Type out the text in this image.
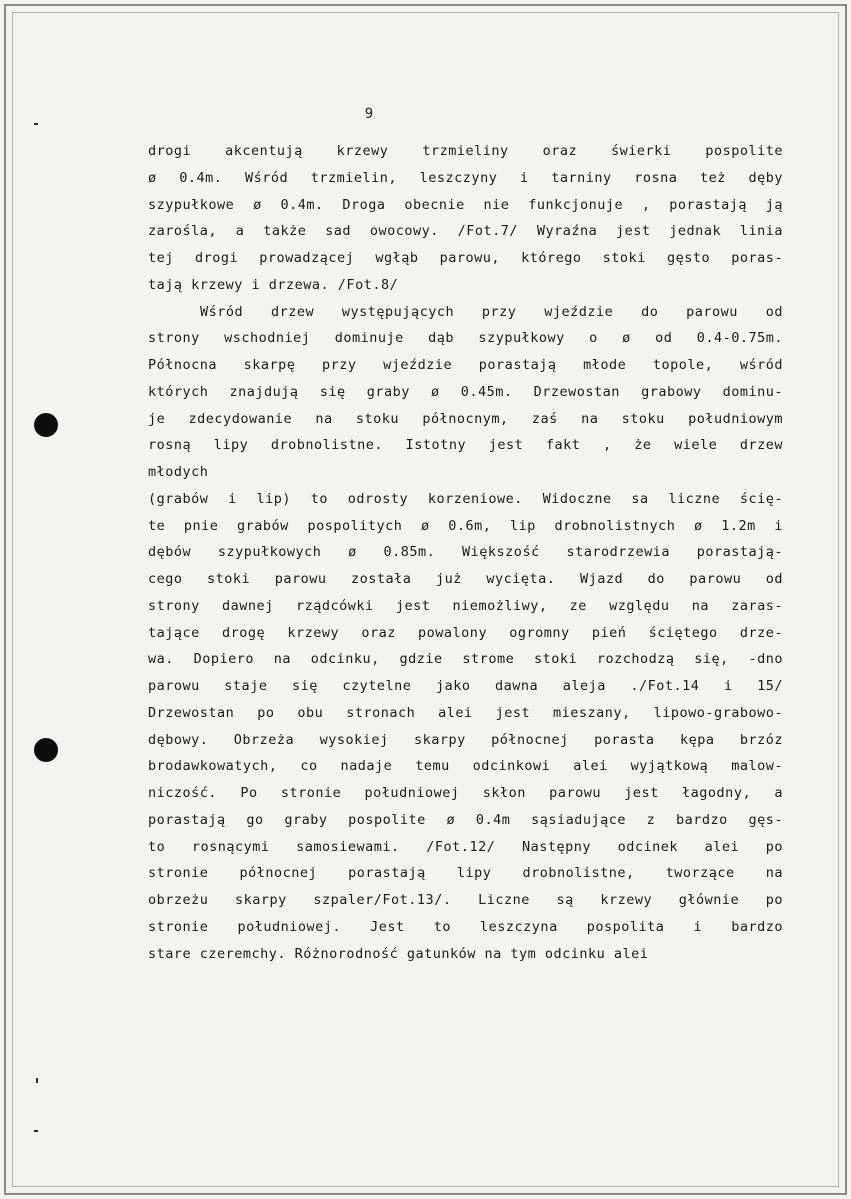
9
drogi akcentują krzewy trzmieliny oraz świerki pospolite
ø 0.4m. Wśród trzmielin, leszczyny i tarniny rosna też dęby
szypułkowe ø 0.4m. Droga obecnie nie funkcjonuje , porastają ją
zarośla, a także sad owocowy. /Fot.7/ Wyraźna jest jednak linia
tej drogi prowadzącej wgłąb parowu, którego stoki gęsto poras-
tają krzewy i drzewa. /Fot.8/
Wśród drzew występujących przy wjeździe do parowu od
strony wschodniej dominuje dąb szypułkowy o ø od 0.4-0.75m.
Północna skarpę przy wjeździe porastają młode topole, wśród
których znajdują się graby ø 0.45m. Drzewostan grabowy dominu-
je zdecydowanie na stoku północnym, zaś na stoku południowym
rosną lipy drobnolistne. Istotny jest fakt , że wiele drzew
młodych
(grabów i lip) to odrosty korzeniowe. Widoczne sa liczne ścię-
te pnie grabów pospolitych ø 0.6m, lip drobnolistnych ø 1.2m i
dębów szypułkowych ø 0.85m. Większość starodrzewia porastają-
cego stoki parowu została już wycięta. Wjazd do parowu od
strony dawnej rządcówki jest niemożliwy, ze względu na zaras-
tające drogę krzewy oraz powalony ogromny pień ściętego drze-
wa. Dopiero na odcinku, gdzie strome stoki rozchodzą się, -dno
parowu staje się czytelne jako dawna aleja ./Fot.14 i 15/
Drzewostan po obu stronach alei jest mieszany, lipowo-grabowo-
dębowy. Obrzeża wysokiej skarpy północnej porasta kępa brzóz
brodawkowatych, co nadaje temu odcinkowi alei wyjątkową malow-
niczość. Po stronie południowej skłon parowu jest łagodny, a
porastają go graby pospolite ø 0.4m sąsiadujące z bardzo gęs-
to rosnącymi samosiewami. /Fot.12/ Następny odcinek alei po
stronie północnej porastają lipy drobnolistne, tworzące na
obrzeżu skarpy szpaler/Fot.13/. Liczne są krzewy głównie po
stronie południowej. Jest to leszczyna pospolita i bardzo
stare czeremchy. Różnorodność gatunków na tym odcinku alei
